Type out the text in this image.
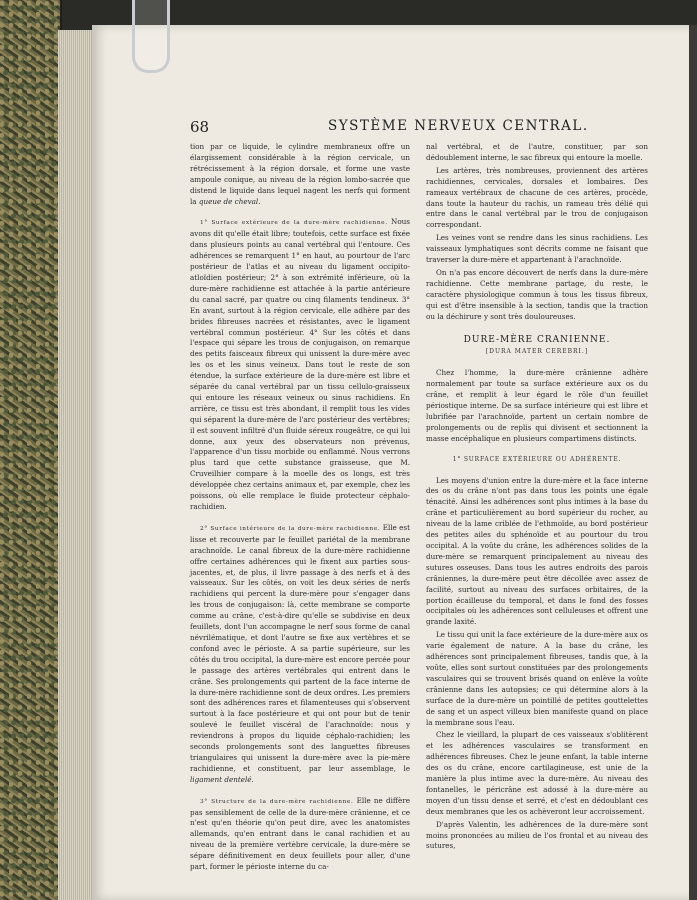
68	SYSTÈME NERVEUX CENTRAL.

tion par ce liquide, le cylindre membraneux offre un élargissement considérable à la région cervicale, un rétrécissement à la région dorsale, et forme une vaste ampoule conique, au niveau de la région lombo-sacrée que distend le liquide dans lequel nagent les nerfs qui forment la queue de cheval.

1° Surface extérieure de la dure-mère rachidienne. Nous avons dit qu'elle était libre; toutefois, cette surface est fixée dans plusieurs points au canal vertébral qui l'entoure. Ces adhérences se remarquent 1° en haut, au pourtour de l'arc postérieur de l'atlas et au niveau du ligament occipito-atloïdien postérieur; 2° à son extrémité inférieure, où la dure-mère rachidienne est attachée à la partie antérieure du canal sacré, par quatre ou cinq filaments tendineux. 3° En avant, surtout à la région cervicale, elle adhère par des brides fibreuses nacrées et résistantes, avec le ligament vertébral commun postérieur. 4° Sur les côtés et dans l'espace qui sépare les trous de conjugaison, on remarque des petits faisceaux fibreux qui unissent la dure-mère avec les os et les sinus veineux. Dans tout le reste de son étendue, la surface extérieure de la dure-mère est libre et séparée du canal vertébral par un tissu cellulo-graisseux qui entoure les réseaux veineux ou sinus rachidiens. En arrière, ce tissu est très abondant, il remplit tous les vides qui séparent la dure-mère de l'arc postérieur des vertèbres; il est souvent infiltré d'un fluide séreux rougeâtre, ce qui lui donne, aux yeux des observateurs non prévenus, l'apparence d'un tissu morbide ou enflammé. Nous verrons plus tard que cette substance graisseuse, que M. Cruveilhier compare à la moelle des os longs, est très développée chez certains animaux et, par exemple, chez les poissons, où elle remplace le fluide protecteur céphalo-rachidien.

2° Surface intérieure de la dure-mère rachidienne. Elle est lisse et recouverte par le feuillet pariétal de la membrane arachnoïde. Le canal fibreux de la dure-mère rachidienne offre certaines adhérences qui le fixent aux parties sous-jacentes, et, de plus, il livre passage à des nerfs et à des vaisseaux. Sur les côtés, on voit les deux séries de nerfs rachidiens qui percent la dure-mère pour s'engager dans les trous de conjugaison: là, cette membrane se comporte comme au crâne, c'est-à-dire qu'elle se subdivise en deux feuillets, dont l'un accompagne le nerf sous forme de canal névrilématique, et dont l'autre se fixe aux vertèbres et se confond avec le périoste. A sa partie supérieure, sur les côtés du trou occipital, la dure-mère est encore percée pour le passage des artères vertébrales qui entrent dans le crâne. Ses prolongements qui partent de la face interne de la dure-mère rachidienne sont de deux ordres. Les premiers sont des adhérences rares et filamenteuses qui s'observent surtout à la face postérieure et qui ont pour but de tenir soulevé le feuillet viscéral de l'arachnoïde: nous y reviendrons à propos du liquide céphalo-rachidien; les seconds prolongements sont des languettes fibreuses triangulaires qui unissent la dure-mère avec la pie-mère rachidienne, et constituent, par leur assemblage, le ligament dentelé.

3° Structure de la dure-mère rachidienne. Elle ne diffère pas sensiblement de celle de la dure-mère crânienne, et ce n'est qu'en théorie qu'on peut dire, avec les anatomistes allemands, qu'en entrant dans le canal rachidien et au niveau de la première vertèbre cervicale, la dure-mère se sépare définitivement en deux feuillets pour aller, d'une part, former le périoste interne du ca-

nal vertébral, et de l'autre, constituer, par son dédoublement interne, le sac fibreux qui entoure la moelle.

Les artères, très nombreuses, proviennent des artères rachidiennes, cervicales, dorsales et lombaires. Des rameaux vertébraux de chacune de ces artères, procède, dans toute la hauteur du rachis, un rameau très délié qui entre dans le canal vertébral par le trou de conjugaison correspondant.

Les veines vont se rendre dans les sinus rachidiens. Les vaisseaux lymphatiques sont décrits comme ne faisant que traverser la dure-mère et appartenant à l'arachnoïde.

On n'a pas encore découvert de nerfs dans la dure-mère rachidienne. Cette membrane partage, du reste, le caractère physiologique commun à tous les tissus fibreux, qui est d'être insensible à la section, tandis que la traction ou la déchirure y sont très douloureuses.

DURE-MÈRE CRANIENNE.
[DURA MATER CEREBRI.]

Chez l'homme, la dure-mère crânienne adhère normalement par toute sa surface extérieure aux os du crâne, et remplit à leur égard le rôle d'un feuillet périostique interne. De sa surface intérieure qui est libre et lubrifiée par l'arachnoïde, partent un certain nombre de prolongements ou de replis qui divisent et sectionnent la masse encéphalique en plusieurs compartimens distincts.

1° SURFACE EXTÉRIEURE OU ADHÉRENTE.

Les moyens d'union entre la dure-mère et la face interne des os du crâne n'ont pas dans tous les points une égale ténacité. Ainsi les adhérences sont plus intimes à la base du crâne et particulièrement au bord supérieur du rocher, au niveau de la lame criblée de l'ethmoïde, au bord postérieur des petites ailes du sphénoïde et au pourtour du trou occipital. A la voûte du crâne, les adhérences solides de la dure-mère se remarquent principalement au niveau des sutures osseuses. Dans tous les autres endroits des parois crâniennes, la dure-mère peut être décollée avec assez de facilité, surtout au niveau des surfaces orbitaires, de la portion écailleuse du temporal, et dans le fond des fosses occipitales où les adhérences sont celluleuses et offrent une grande laxité.

Le tissu qui unit la face extérieure de la dure-mère aux os varie également de nature. A la base du crâne, les adhérences sont principalement fibreuses, tandis que, à la voûte, elles sont surtout constituées par des prolongements vasculaires qui se trouvent brisés quand on enlève la voûte crânienne dans les autopsies; ce qui détermine alors à la surface de la dure-mère un pointillé de petites gouttelettes de sang et un aspect villeux bien manifeste quand on place la membrane sous l'eau.

Chez le vieillard, la plupart de ces vaisseaux s'oblitèrent et les adhérences vasculaires se transforment en adhérences fibreuses. Chez le jeune enfant, la table interne des os du crâne, encore cartilagineuse, est unie de la manière la plus intime avec la dure-mère. Au niveau des fontanelles, le péricrâne est adossé à la dure-mère au moyen d'un tissu dense et serré, et c'est en dédoublant ces deux membranes que les os achèveront leur accroissement.

D'après Valentin, les adhérences de la dure-mère sont moins prononcées au milieu de l'os frontal et au niveau des sutures,
